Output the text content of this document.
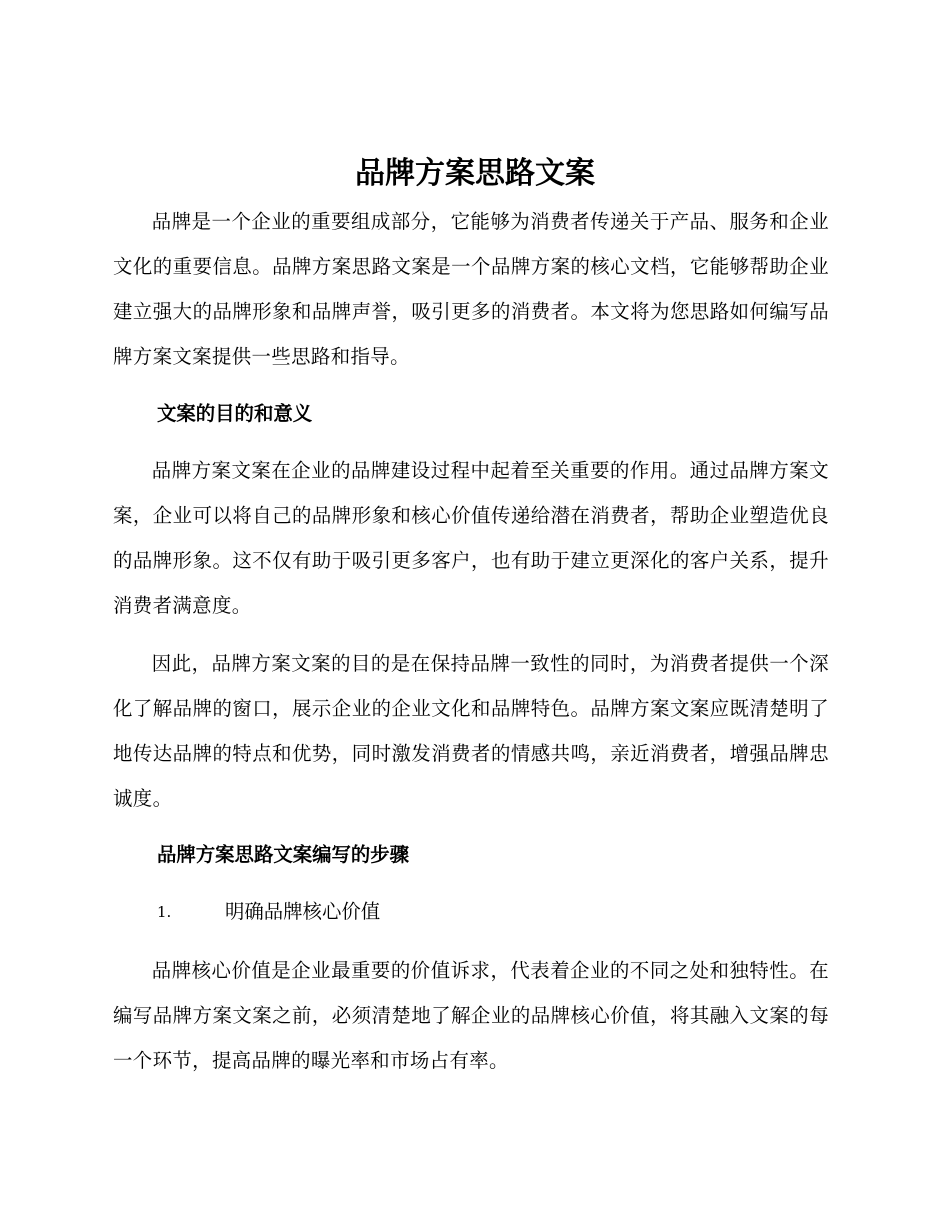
品牌方案思路文案

品牌是一个企业的重要组成部分，它能够为消费者传递关于产品、服务和企业文化的重要信息。品牌方案思路文案是一个品牌方案的核心文档，它能够帮助企业建立强大的品牌形象和品牌声誉，吸引更多的消费者。本文将为您思路如何编写品牌方案文案提供一些思路和指导。

文案的目的和意义

品牌方案文案在企业的品牌建设过程中起着至关重要的作用。通过品牌方案文案，企业可以将自己的品牌形象和核心价值传递给潜在消费者，帮助企业塑造优良的品牌形象。这不仅有助于吸引更多客户，也有助于建立更深化的客户关系，提升消费者满意度。

因此，品牌方案文案的目的是在保持品牌一致性的同时，为消费者提供一个深化了解品牌的窗口，展示企业的企业文化和品牌特色。品牌方案文案应既清楚明了地传达品牌的特点和优势，同时激发消费者的情感共鸣，亲近消费者，增强品牌忠诚度。

品牌方案思路文案编写的步骤
1.	明确品牌核心价值

品牌核心价值是企业最重要的价值诉求，代表着企业的不同之处和独特性。在编写品牌方案文案之前，必须清楚地了解企业的品牌核心价值，将其融入文案的每一个环节，提高品牌的曝光率和市场占有率。
